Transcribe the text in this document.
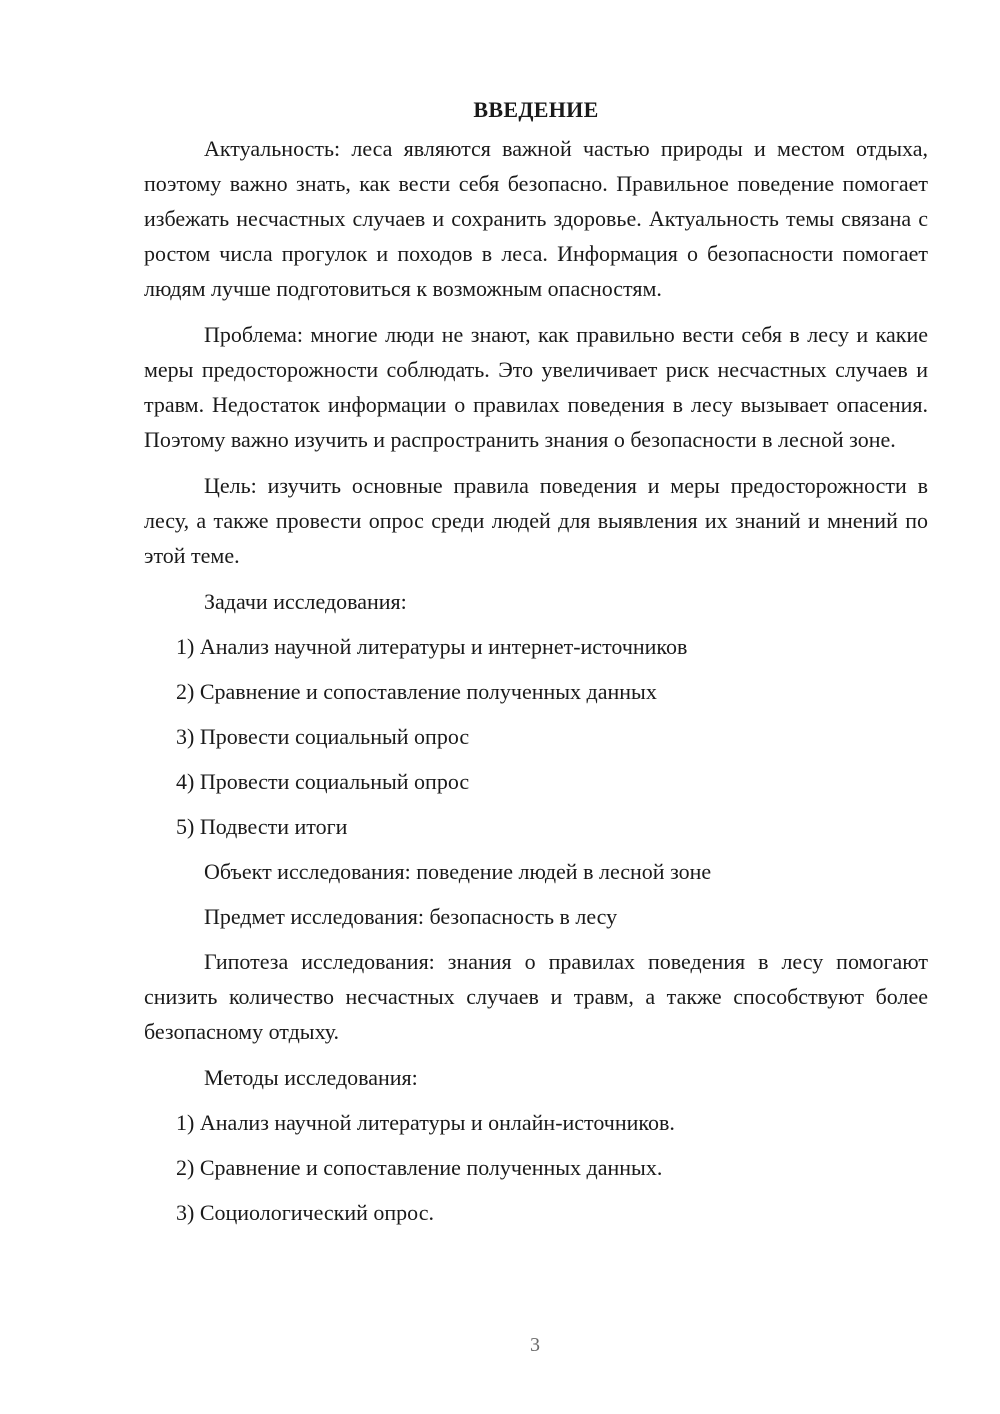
ВВЕДЕНИЕ

Актуальность: леса являются важной частью природы и местом отдыха, поэтому важно знать, как вести себя безопасно. Правильное поведение помогает избежать несчастных случаев и сохранить здоровье. Актуальность темы связана с ростом числа прогулок и походов в леса. Информация о безопасности помогает людям лучше подготовиться к возможным опасностям.

Проблема: многие люди не знают, как правильно вести себя в лесу и какие меры предосторожности соблюдать. Это увеличивает риск несчастных случаев и травм. Недостаток информации о правилах поведения в лесу вызывает опасения. Поэтому важно изучить и распространить знания о безопасности в лесной зоне.

Цель: изучить основные правила поведения и меры предосторожности в лесу, а также провести опрос среди людей для выявления их знаний и мнений по этой теме.

Задачи исследования:
1) Анализ научной литературы и интернет-источников
2) Сравнение и сопоставление полученных данных
3) Провести социальный опрос
4) Провести социальный опрос
5) Подвести итоги
Объект исследования: поведение людей в лесной зоне
Предмет исследования: безопасность в лесу

Гипотеза исследования: знания о правилах поведения в лесу помогают снизить количество несчастных случаев и травм, а также способствуют более безопасному отдыху.

Методы исследования:
1) Анализ научной литературы и онлайн-источников.
2) Сравнение и сопоставление полученных данных.
3) Социологический опрос.
3
